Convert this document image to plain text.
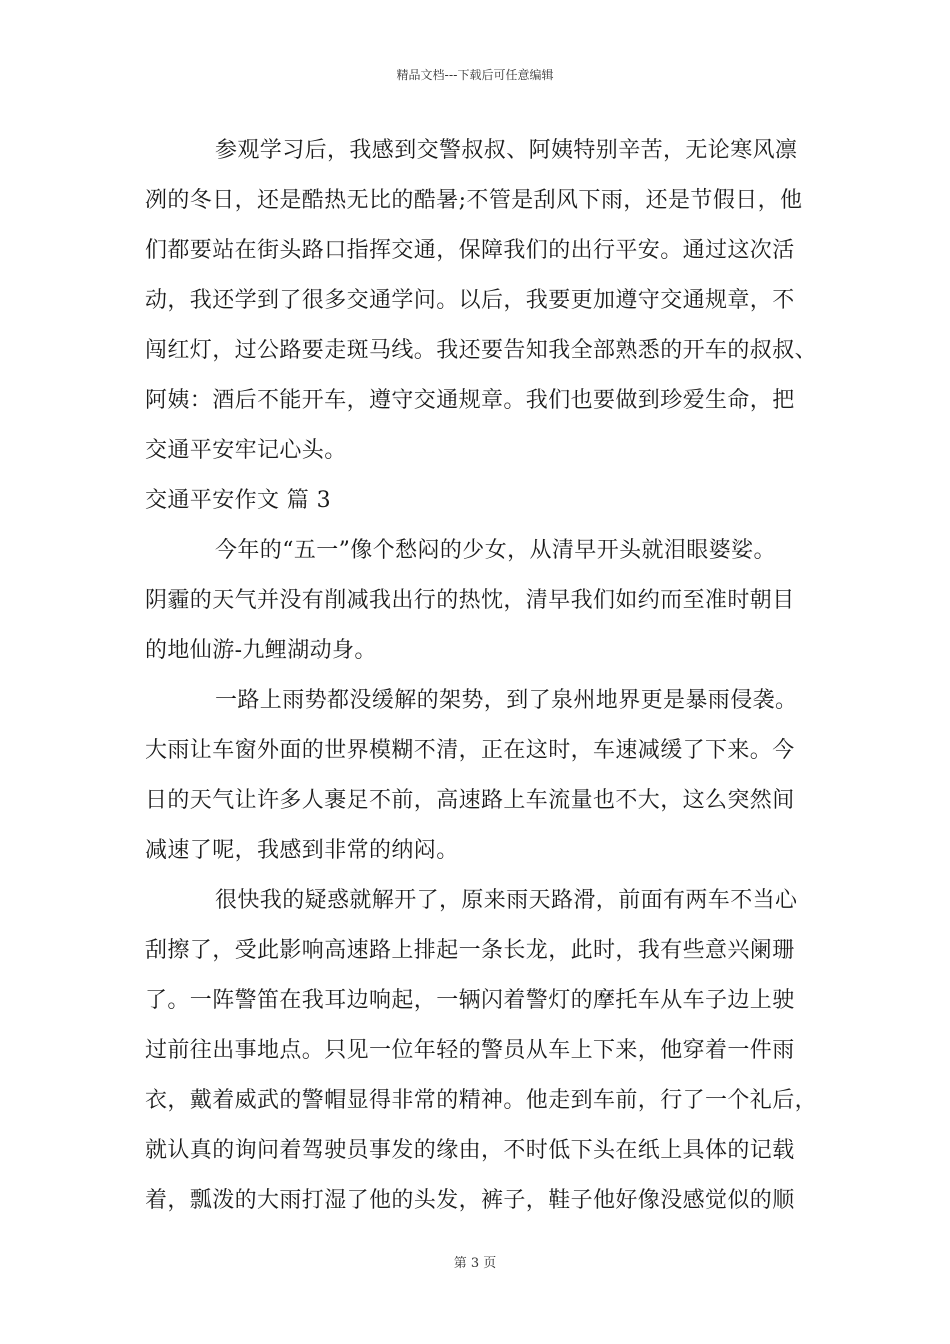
精品文档---下载后可任意编辑
参观学习后，我感到交警叔叔、阿姨特别辛苦，无论寒风凛
冽的冬日，还是酷热无比的酷暑;不管是刮风下雨，还是节假日，他
们都要站在街头路口指挥交通，保障我们的出行平安。通过这次活
动，我还学到了很多交通学问。以后，我要更加遵守交通规章，不
闯红灯，过公路要走斑马线。我还要告知我全部熟悉的开车的叔叔、
阿姨：酒后不能开车，遵守交通规章。我们也要做到珍爱生命，把
交通平安牢记心头。
交通平安作文 篇 3
今年的“五一”像个愁闷的少女，从清早开头就泪眼婆娑。
阴霾的天气并没有削减我出行的热忱，清早我们如约而至准时朝目
的地仙游-九鲤湖动身。
一路上雨势都没缓解的架势，到了泉州地界更是暴雨侵袭。
大雨让车窗外面的世界模糊不清，正在这时，车速减缓了下来。今
日的天气让许多人裹足不前，高速路上车流量也不大，这么突然间
减速了呢，我感到非常的纳闷。
很快我的疑惑就解开了，原来雨天路滑，前面有两车不当心
刮擦了，受此影响高速路上排起一条长龙，此时，我有些意兴阑珊
了。一阵警笛在我耳边响起，一辆闪着警灯的摩托车从车子边上驶
过前往出事地点。只见一位年轻的警员从车上下来，他穿着一件雨
衣，戴着威武的警帽显得非常的精神。他走到车前，行了一个礼后，
就认真的询问着驾驶员事发的缘由，不时低下头在纸上具体的记载
着，瓢泼的大雨打湿了他的头发，裤子，鞋子他好像没感觉似的顺
第 3 页
